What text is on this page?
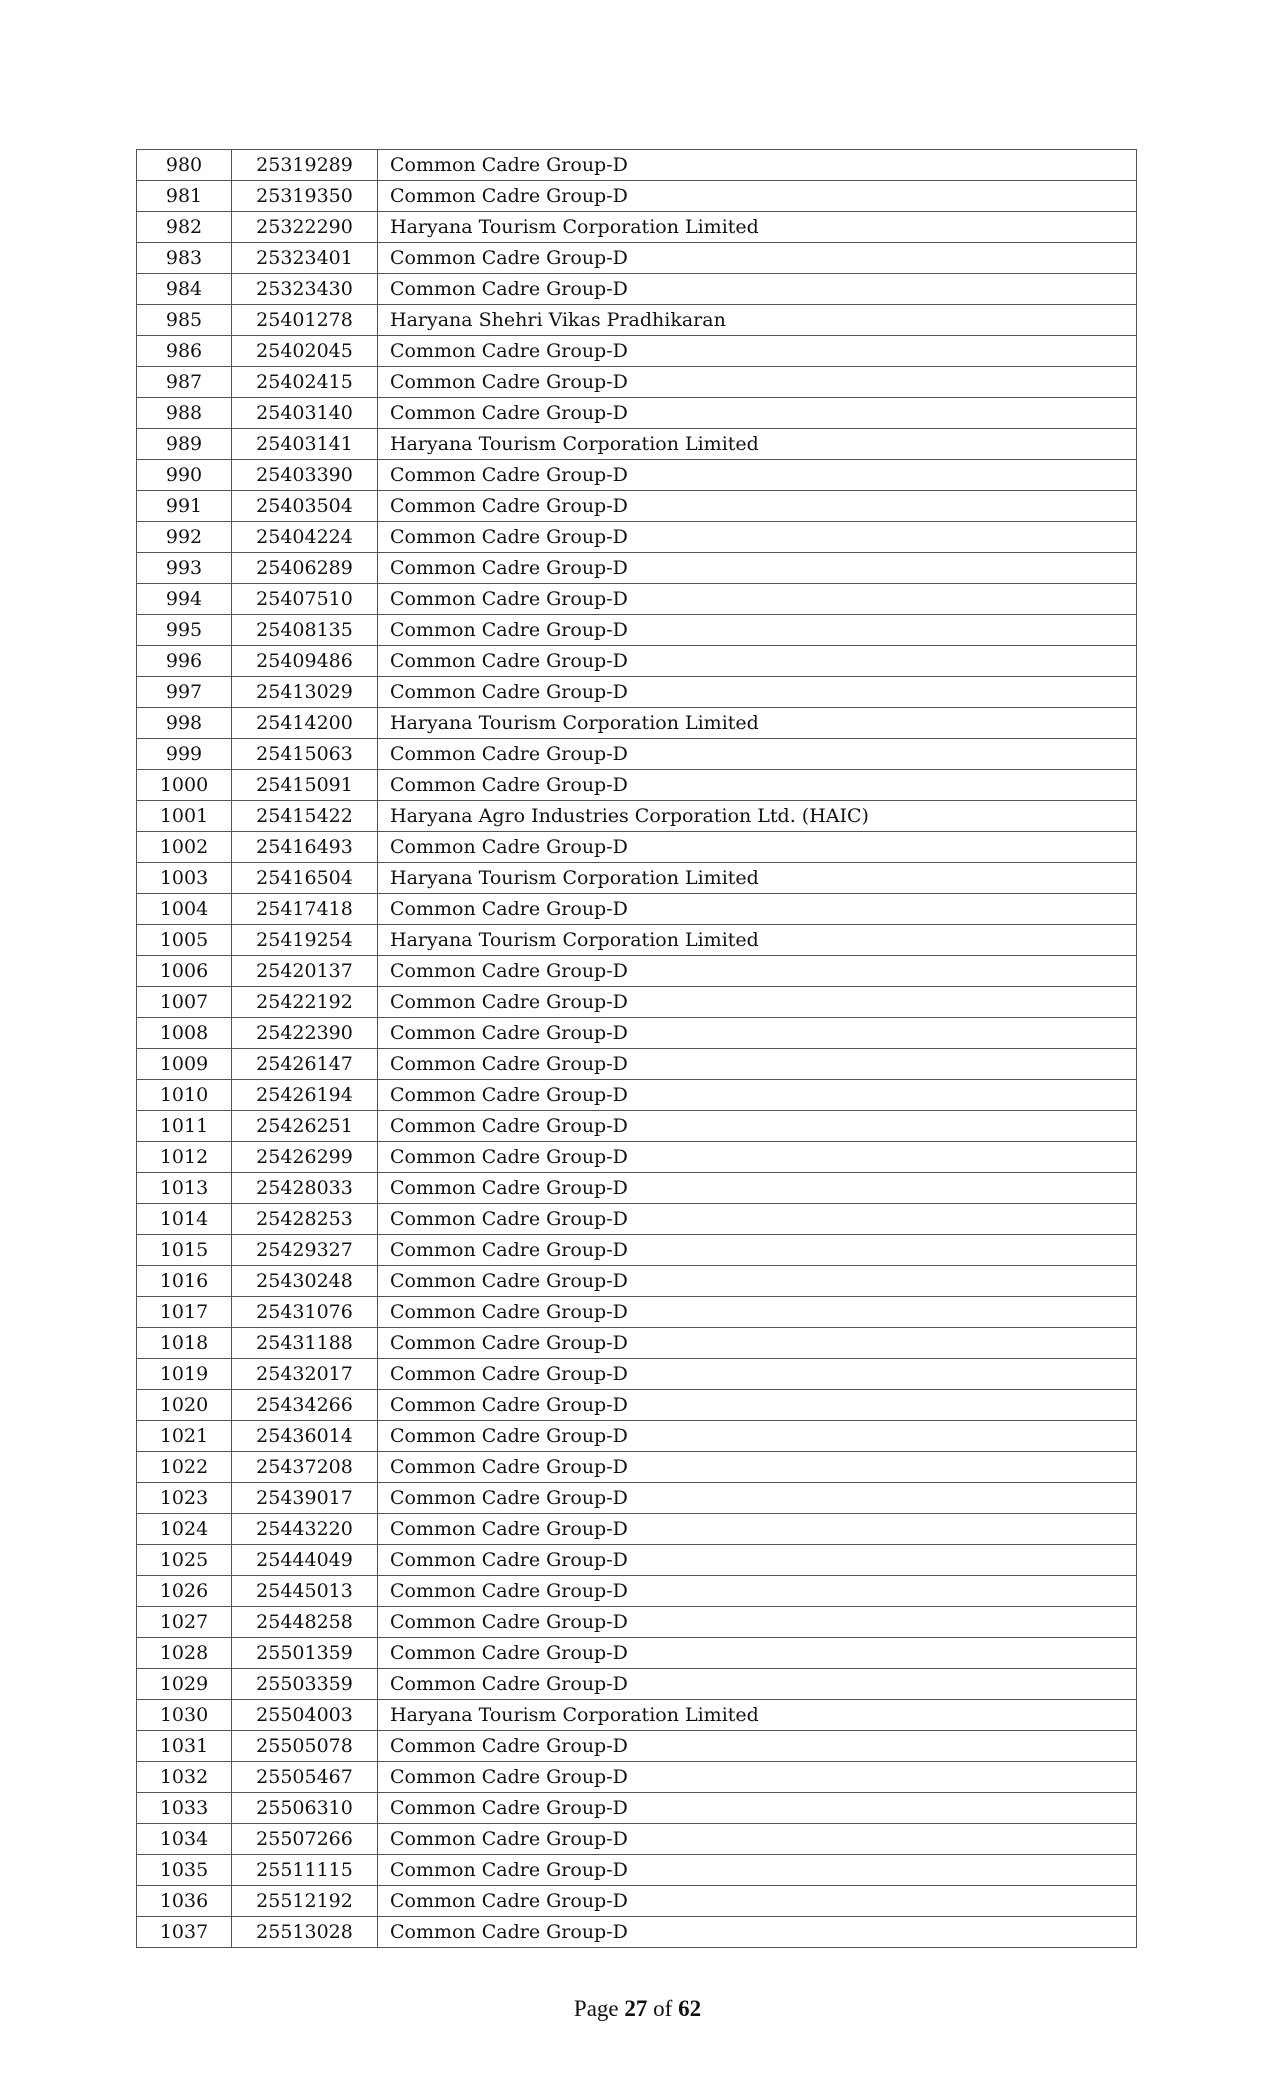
980	25319289	Common Cadre Group-D
981	25319350	Common Cadre Group-D
982	25322290	Haryana Tourism Corporation Limited
983	25323401	Common Cadre Group-D
984	25323430	Common Cadre Group-D
985	25401278	Haryana Shehri Vikas Pradhikaran
986	25402045	Common Cadre Group-D
987	25402415	Common Cadre Group-D
988	25403140	Common Cadre Group-D
989	25403141	Haryana Tourism Corporation Limited
990	25403390	Common Cadre Group-D
991	25403504	Common Cadre Group-D
992	25404224	Common Cadre Group-D
993	25406289	Common Cadre Group-D
994	25407510	Common Cadre Group-D
995	25408135	Common Cadre Group-D
996	25409486	Common Cadre Group-D
997	25413029	Common Cadre Group-D
998	25414200	Haryana Tourism Corporation Limited
999	25415063	Common Cadre Group-D
1000	25415091	Common Cadre Group-D
1001	25415422	Haryana Agro Industries Corporation Ltd. (HAIC)
1002	25416493	Common Cadre Group-D
1003	25416504	Haryana Tourism Corporation Limited
1004	25417418	Common Cadre Group-D
1005	25419254	Haryana Tourism Corporation Limited
1006	25420137	Common Cadre Group-D
1007	25422192	Common Cadre Group-D
1008	25422390	Common Cadre Group-D
1009	25426147	Common Cadre Group-D
1010	25426194	Common Cadre Group-D
1011	25426251	Common Cadre Group-D
1012	25426299	Common Cadre Group-D
1013	25428033	Common Cadre Group-D
1014	25428253	Common Cadre Group-D
1015	25429327	Common Cadre Group-D
1016	25430248	Common Cadre Group-D
1017	25431076	Common Cadre Group-D
1018	25431188	Common Cadre Group-D
1019	25432017	Common Cadre Group-D
1020	25434266	Common Cadre Group-D
1021	25436014	Common Cadre Group-D
1022	25437208	Common Cadre Group-D
1023	25439017	Common Cadre Group-D
1024	25443220	Common Cadre Group-D
1025	25444049	Common Cadre Group-D
1026	25445013	Common Cadre Group-D
1027	25448258	Common Cadre Group-D
1028	25501359	Common Cadre Group-D
1029	25503359	Common Cadre Group-D
1030	25504003	Haryana Tourism Corporation Limited
1031	25505078	Common Cadre Group-D
1032	25505467	Common Cadre Group-D
1033	25506310	Common Cadre Group-D
1034	25507266	Common Cadre Group-D
1035	25511115	Common Cadre Group-D
1036	25512192	Common Cadre Group-D
1037	25513028	Common Cadre Group-D
Page 27 of 62
